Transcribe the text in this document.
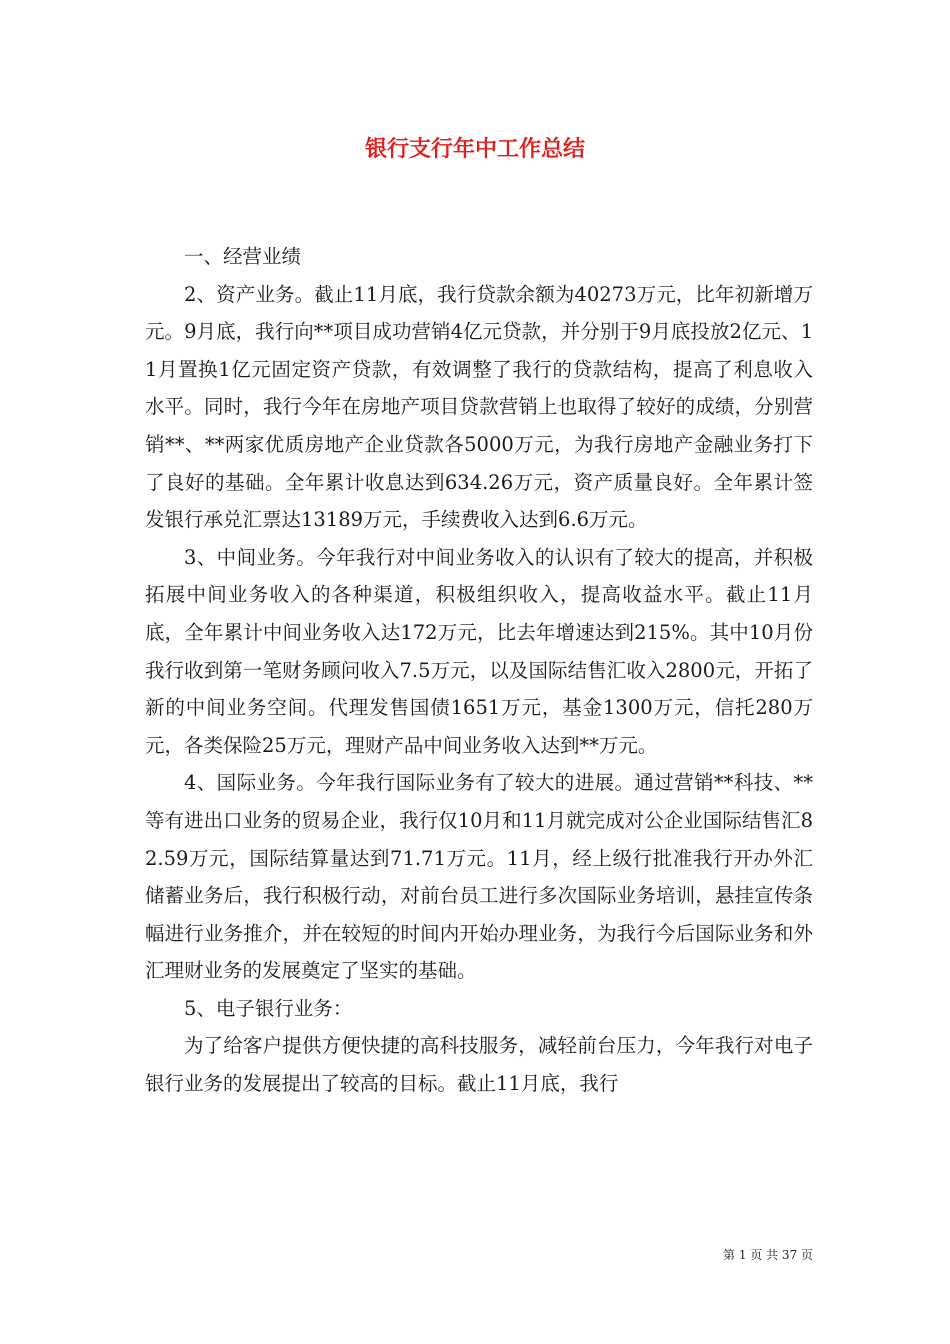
银行支行年中工作总结

一、经营业绩

2、资产业务。截止11月底，我行贷款余额为40273万元，比年初新增万元。9月底，我行向**项目成功营销4亿元贷款，并分别于9月底投放2亿元、11月置换1亿元固定资产贷款，有效调整了我行的贷款结构，提高了利息收入水平。同时，我行今年在房地产项目贷款营销上也取得了较好的成绩，分别营销**、**两家优质房地产企业贷款各5000万元，为我行房地产金融业务打下了良好的基础。全年累计收息达到634.26万元，资产质量良好。全年累计签发银行承兑汇票达13189万元，手续费收入达到6.6万元。

3、中间业务。今年我行对中间业务收入的认识有了较大的提高，并积极拓展中间业务收入的各种渠道，积极组织收入，提高收益水平。截止11月底，全年累计中间业务收入达172万元，比去年增速达到215%。其中10月份我行收到第一笔财务顾问收入7.5万元，以及国际结售汇收入2800元，开拓了新的中间业务空间。代理发售国债1651万元，基金1300万元，信托280万元，各类保险25万元，理财产品中间业务收入达到**万元。

4、国际业务。今年我行国际业务有了较大的进展。通过营销**科技、**等有进出口业务的贸易企业，我行仅10月和11月就完成对公企业国际结售汇82.59万元，国际结算量达到71.71万元。11月，经上级行批准我行开办外汇储蓄业务后，我行积极行动，对前台员工进行多次国际业务培训，悬挂宣传条幅进行业务推介，并在较短的时间内开始办理业务，为我行今后国际业务和外汇理财业务的发展奠定了坚实的基础。

5、电子银行业务：

为了给客户提供方便快捷的高科技服务，减轻前台压力，今年我行对电子银行业务的发展提出了较高的目标。截止11月底，我行

第 1 页 共 37 页
